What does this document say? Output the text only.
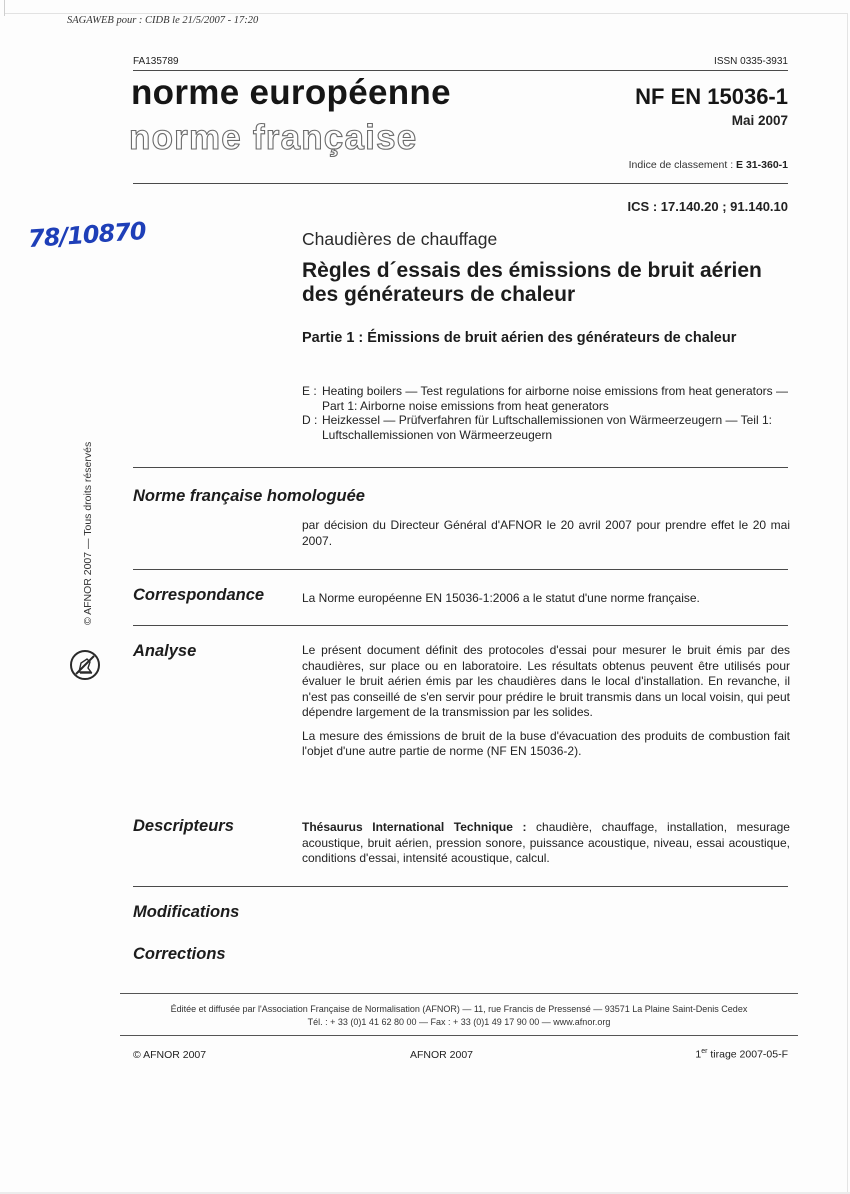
SAGAWEB pour : CIDB le 21/5/2007 - 17:20
FA135789	ISSN 0335-3931
norme européenne
norme française
NF EN 15036-1
Mai 2007
Indice de classement : E 31-360-1
ICS : 17.140.20 ; 91.140.10
78/10870	Chaudières de chauffage
Règles d´essais des émissions de bruit aérien des générateurs de chaleur
Partie 1 : Émissions de bruit aérien des générateurs de chaleur
E : Heating boilers — Test regulations for airborne noise emissions from heat generators — Part 1: Airborne noise emissions from heat generators
D : Heizkessel — Prüfverfahren für Luftschallemissionen von Wärmeerzeugern — Teil 1: Luftschallemissionen von Wärmeerzeugern
© AFNOR 2007 — Tous droits réservés Norme française homologuée
par décision du Directeur Général d'AFNOR le 20 avril 2007 pour prendre effet le 20 mai 2007.
Correspondance	La Norme européenne EN 15036-1:2006 a le statut d'une norme française.
Analyse	Le présent document définit des protocoles d'essai pour mesurer le bruit émis par des chaudières, sur place ou en laboratoire. Les résultats obtenus peuvent être utilisés pour évaluer le bruit aérien émis par les chaudières dans le local d'installation. En revanche, il n'est pas conseillé de s'en servir pour prédire le bruit transmis dans un local voisin, qui peut dépendre largement de la transmission par les solides.

La mesure des émissions de bruit de la buse d'évacuation des produits de combustion fait l'objet d'une autre partie de norme (NF EN 15036-2).

Descripteurs	Thésaurus International Technique : chaudière, chauffage, installation, mesurage acoustique, bruit aérien, pression sonore, puissance acoustique, niveau, essai acoustique, conditions d'essai, intensité acoustique, calcul.
Modifications
Corrections
Éditée et diffusée par l'Association Française de Normalisation (AFNOR) — 11, rue Francis de Pressensé — 93571 La Plaine Saint-Denis Cedex
Tél. : + 33 (0)1 41 62 80 00 — Fax : + 33 (0)1 49 17 90 00 — www.afnor.org
© AFNOR 2007	AFNOR 2007	1er tirage 2007-05-F
